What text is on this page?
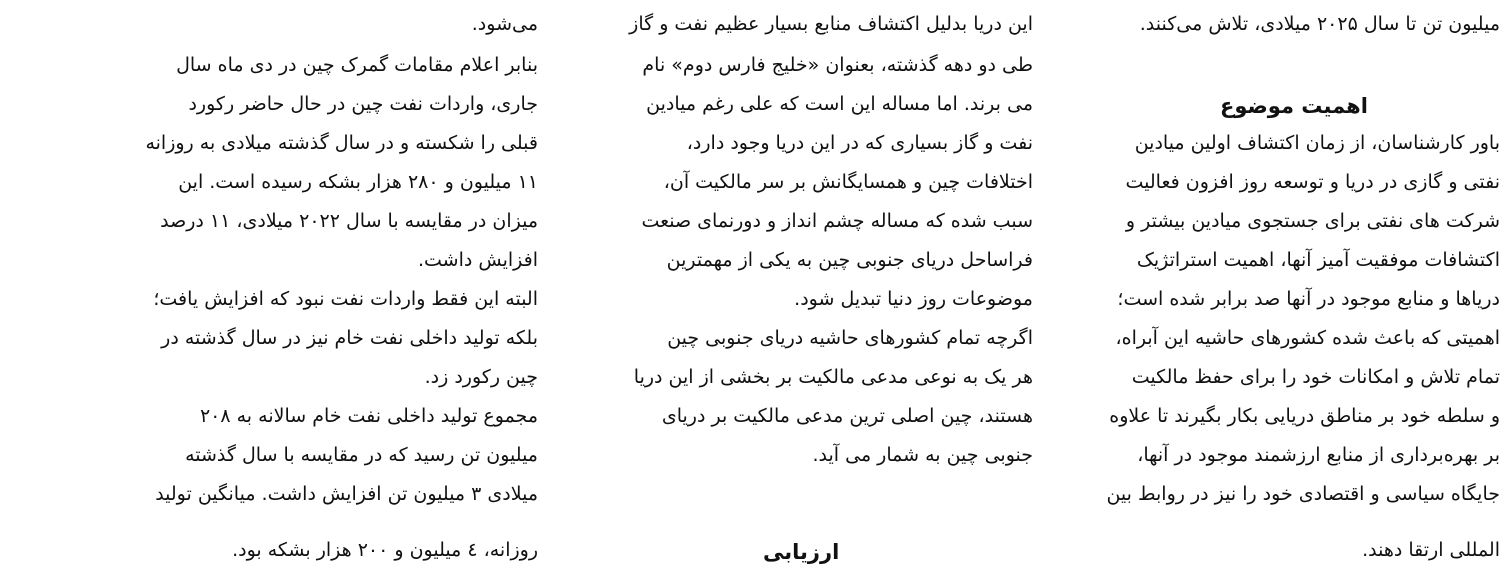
می‌شود.
بنابر اعلام مقامات گمرک چین در دی ماه سال
جاری، واردات نفت چین در حال حاضر رکورد
قبلی را شکسته و در سال گذشته میلادی به روزانه
۱۱ میلیون و ۲۸۰ هزار بشکه رسیده است. این
میزان در مقایسه با سال ۲۰۲۲ میلادی، ۱۱ درصد
افزایش داشت.
البته این فقط واردات نفت نبود که افزایش یافت؛
بلکه تولید داخلی نفت خام نیز در سال گذشته در
چین رکورد زد.
مجموع تولید داخلی نفت خام سالانه به ۲۰۸
میلیون تن رسید که در مقایسه با سال گذشته
میلادی ۳ میلیون تن افزایش داشت. میانگین تولید
روزانه، ٤ میلیون و ۲۰۰ هزار بشکه بود.
این دریا بدلیل اکتشاف منابع بسیار عظیم نفت و گاز
طی دو دهه گذشته، بعنوان «خلیج فارس دوم» نام
می برند. اما مساله این است که علی رغم میادین
نفت و گاز بسیاری که در این دریا وجود دارد،
اختلافات چین و همسایگانش بر سر مالکیت آن،
سبب شده که مساله چشم انداز و دورنمای صنعت
فراساحل دریای جنوبی چین به یکی از مهمترین
موضوعات روز دنیا تبدیل شود.
اگرچه تمام کشورهای حاشیه دریای جنوبی چین
هر یک به نوعی مدعی مالکیت بر بخشی از این دریا
هستند، چین اصلی ترین مدعی مالکیت بر دریای
جنوبی چین به شمار می آید.
ارزیابی
میلیون تن تا سال ۲۰۲۵ میلادی، تلاش می‌کنند.
اهمیت موضوع
باور کارشناسان، از زمان اکتشاف اولین میادین
نفتی و گازی در دریا و توسعه روز افزون فعالیت
شرکت های نفتی برای جستجوی میادین بیشتر و
اکتشافات موفقیت آمیز آنها، اهمیت استراتژیک
دریاها و منابع موجود در آنها صد برابر شده است؛
اهمیتی که باعث شده کشورهای حاشیه این آبراه،
تمام تلاش و امکانات خود را برای حفظ مالکیت
و سلطه خود بر مناطق دریایی بکار بگیرند تا علاوه
بر بهره‌برداری از منابع ارزشمند موجود در آنها،
جایگاه سیاسی و اقتصادی خود را نیز در روابط بین
المللی ارتقا دهند.
